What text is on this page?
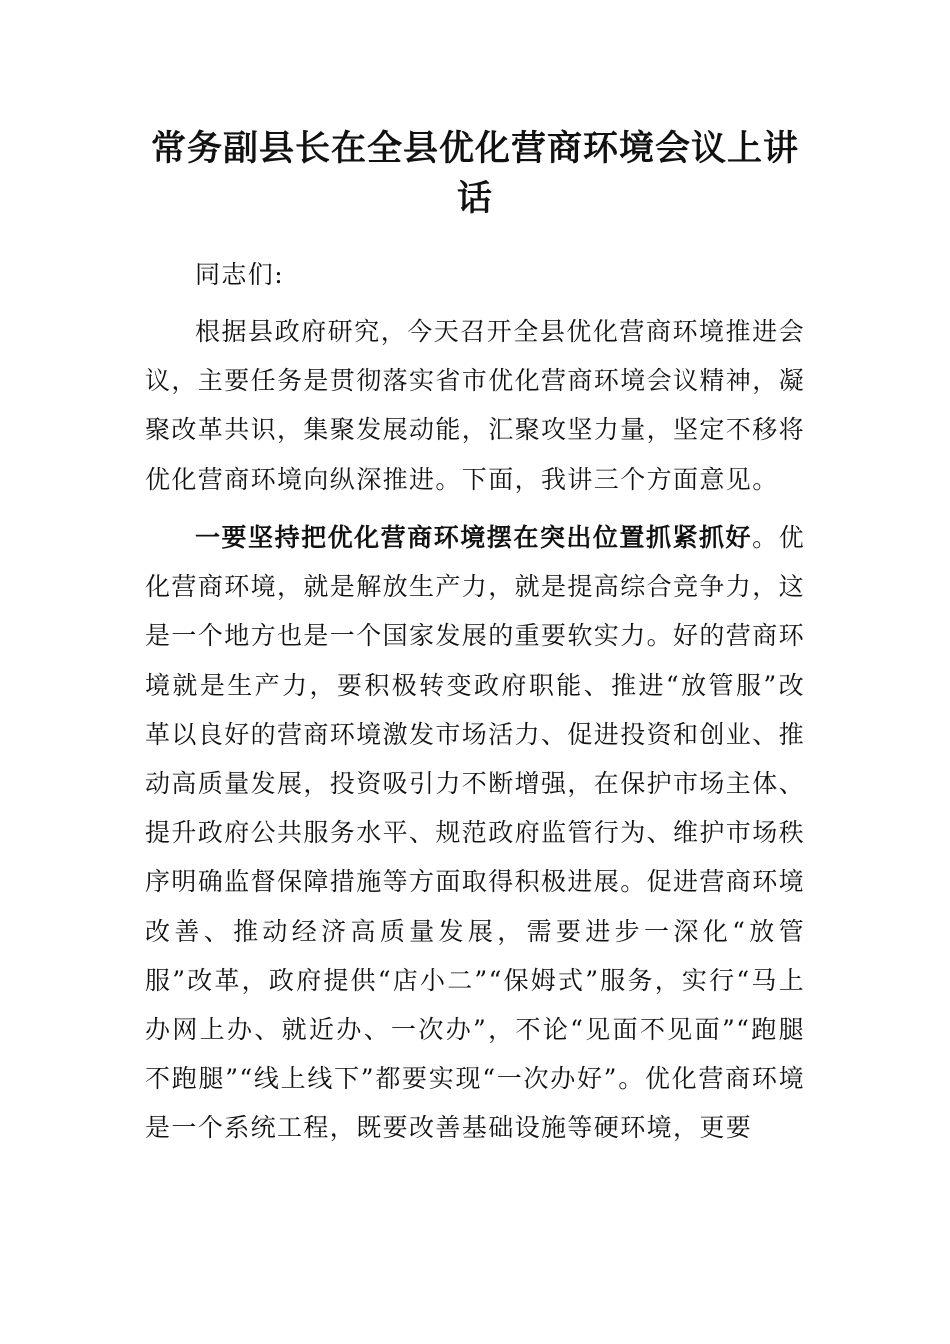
常务副县长在全县优化营商环境会议上讲话

同志们:

根据县政府研究，今天召开全县优化营商环境推进会议，主要任务是贯彻落实省市优化营商环境会议精神，凝聚改革共识，集聚发展动能，汇聚攻坚力量，坚定不移将优化营商环境向纵深推进。下面，我讲三个方面意见。

一要坚持把优化营商环境摆在突出位置抓紧抓好。优化营商环境，就是解放生产力，就是提高综合竞争力，这是一个地方也是一个国家发展的重要软实力。好的营商环境就是生产力，要积极转变政府职能、推进“放管服”改革以良好的营商环境激发市场活力、促进投资和创业、推动高质量发展，投资吸引力不断增强，在保护市场主体、提升政府公共服务水平、规范政府监管行为、维护市场秩序明确监督保障措施等方面取得积极进展。促进营商环境改善、推动经济高质量发展，需要进步一深化“放管服”改革，政府提供“店小二”“保姆式”服务，实行“马上办网上办、就近办、一次办”，不论“见面不见面”“跑腿不跑腿”“线上线下”都要实现“一次办好”。优化营商环境是一个系统工程，既要改善基础设施等硬环境，更要
